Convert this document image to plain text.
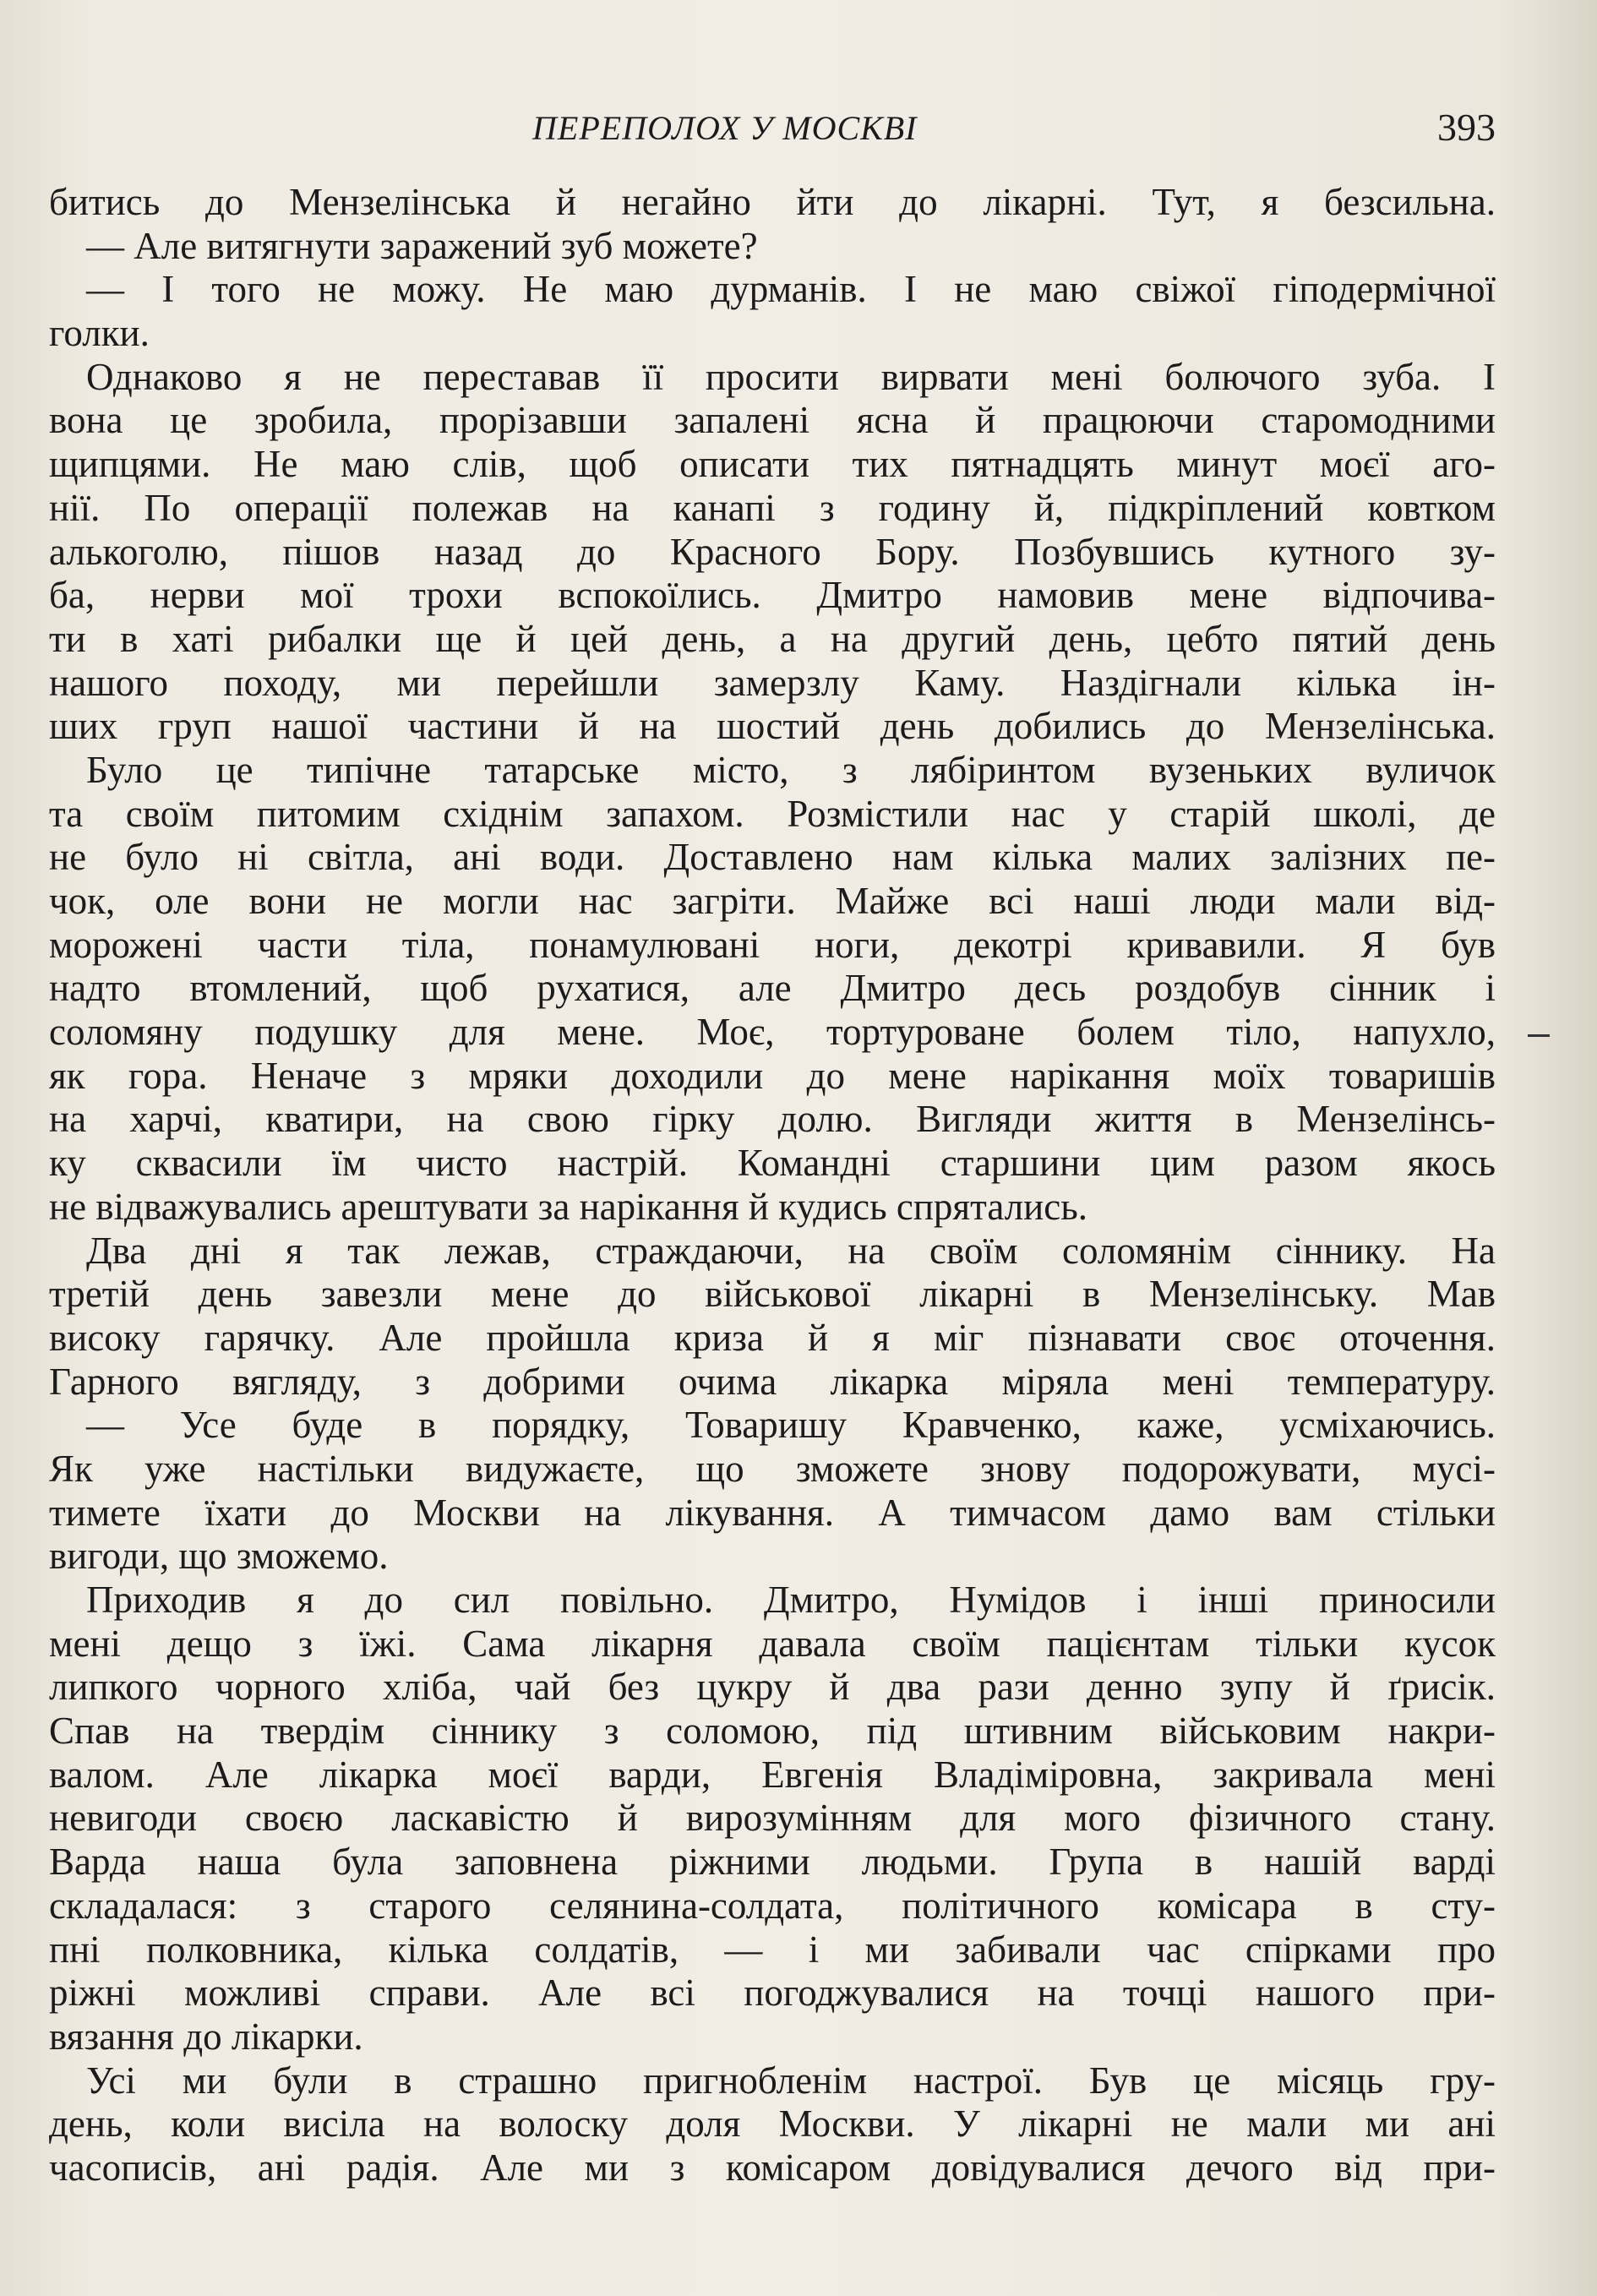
ПЕРЕПОЛОХ У МОСКВІ	393
битись до Мензелінська й негайно йти до лікарні. Тут, я безсильна.
— Але витягнути заражений зуб можете?
— І того не можу. Не маю дурманів. І не маю свіжої гіподермічної
голки.
Однаково я не переставав її просити вирвати мені болючого зуба. І
вона це зробила, прорізавши запалені ясна й працюючи старомодними
щипцями. Не маю слів, щоб описати тих пятнадцять минут моєї аго-
нії. По операції полежав на канапі з годину й, підкріплений ковтком
алькоголю, пішов назад до Красного Бору. Позбувшись кутного зу-
ба, нерви мої трохи вспокоїлись. Дмитро намовив мене відпочива-
ти в хаті рибалки ще й цей день, а на другий день, цебто пятий день
нашого походу, ми перейшли замерзлу Каму. Наздігнали кілька ін-
ших груп нашої частини й на шостий день добились до Мензелінська.
Було це типічне татарське місто, з лябіринтом вузеньких вуличок
та своїм питомим східнім запахом. Розмістили нас у старій школі, де
не було ні світла, ані води. Доставлено нам кілька малих залізних пе-
чок, оле вони не могли нас загріти. Майже всі наші люди мали від-
морожені части тіла, понамулювані ноги, декотрі кривавили. Я був
надто втомлений, щоб рухатися, але Дмитро десь роздобув сінник і
соломяну подушку для мене. Моє, тортуроване болем тіло, напухло,
як гора. Неначе з мряки доходили до мене нарікання моїх товаришів
на харчі, кватири, на свою гірку долю. Вигляди життя в Мензелінсь-
ку сквасили їм чисто настрій. Командні старшини цим разом якось
не відважувались арештувати за нарікання й кудись спрятались.
Два дні я так лежав, страждаючи, на своїм соломянім сіннику. На
третій день завезли мене до військової лікарні в Мензелінську. Мав
високу гарячку. Але пройшла криза й я міг пізнавати своє оточення.
Гарного вягляду, з добрими очима лікарка міряла мені температуру.
— Усе буде в порядку, Товаришу Кравченко, каже, усміхаючись.
Як уже настільки видужаєте, що зможете знову подорожувати, мусі-
тимете їхати до Москви на лікування. А тимчасом дамо вам стільки
вигоди, що зможемо.
Приходив я до сил повільно. Дмитро, Нумідов і інші приносили
мені дещо з їжі. Сама лікарня давала своїм пацієнтам тільки кусок
липкого чорного хліба, чай без цукру й два рази денно зупу й ґрисік.
Спав на твердім сіннику з соломою, під штивним військовим накри-
валом. Але лікарка моєї варди, Евгенія Владіміровна, закривала мені
невигоди своєю ласкавістю й вирозумінням для мого фізичного стану.
Варда наша була заповнена ріжними людьми. Група в нашій варді
складалася: з старого селянина-солдата, політичного комісара в сту-
пні полковника, кілька солдатів, — і ми забивали час спірками про
ріжні можливі справи. Але всі погоджувалися на точці нашого при-
вязання до лікарки.
Усі ми були в страшно пригнобленім настрої. Був це місяць гру-
день, коли висіла на волоску доля Москви. У лікарні не мали ми ані
часописів, ані радія. Але ми з комісаром довідувалися дечого від при-
